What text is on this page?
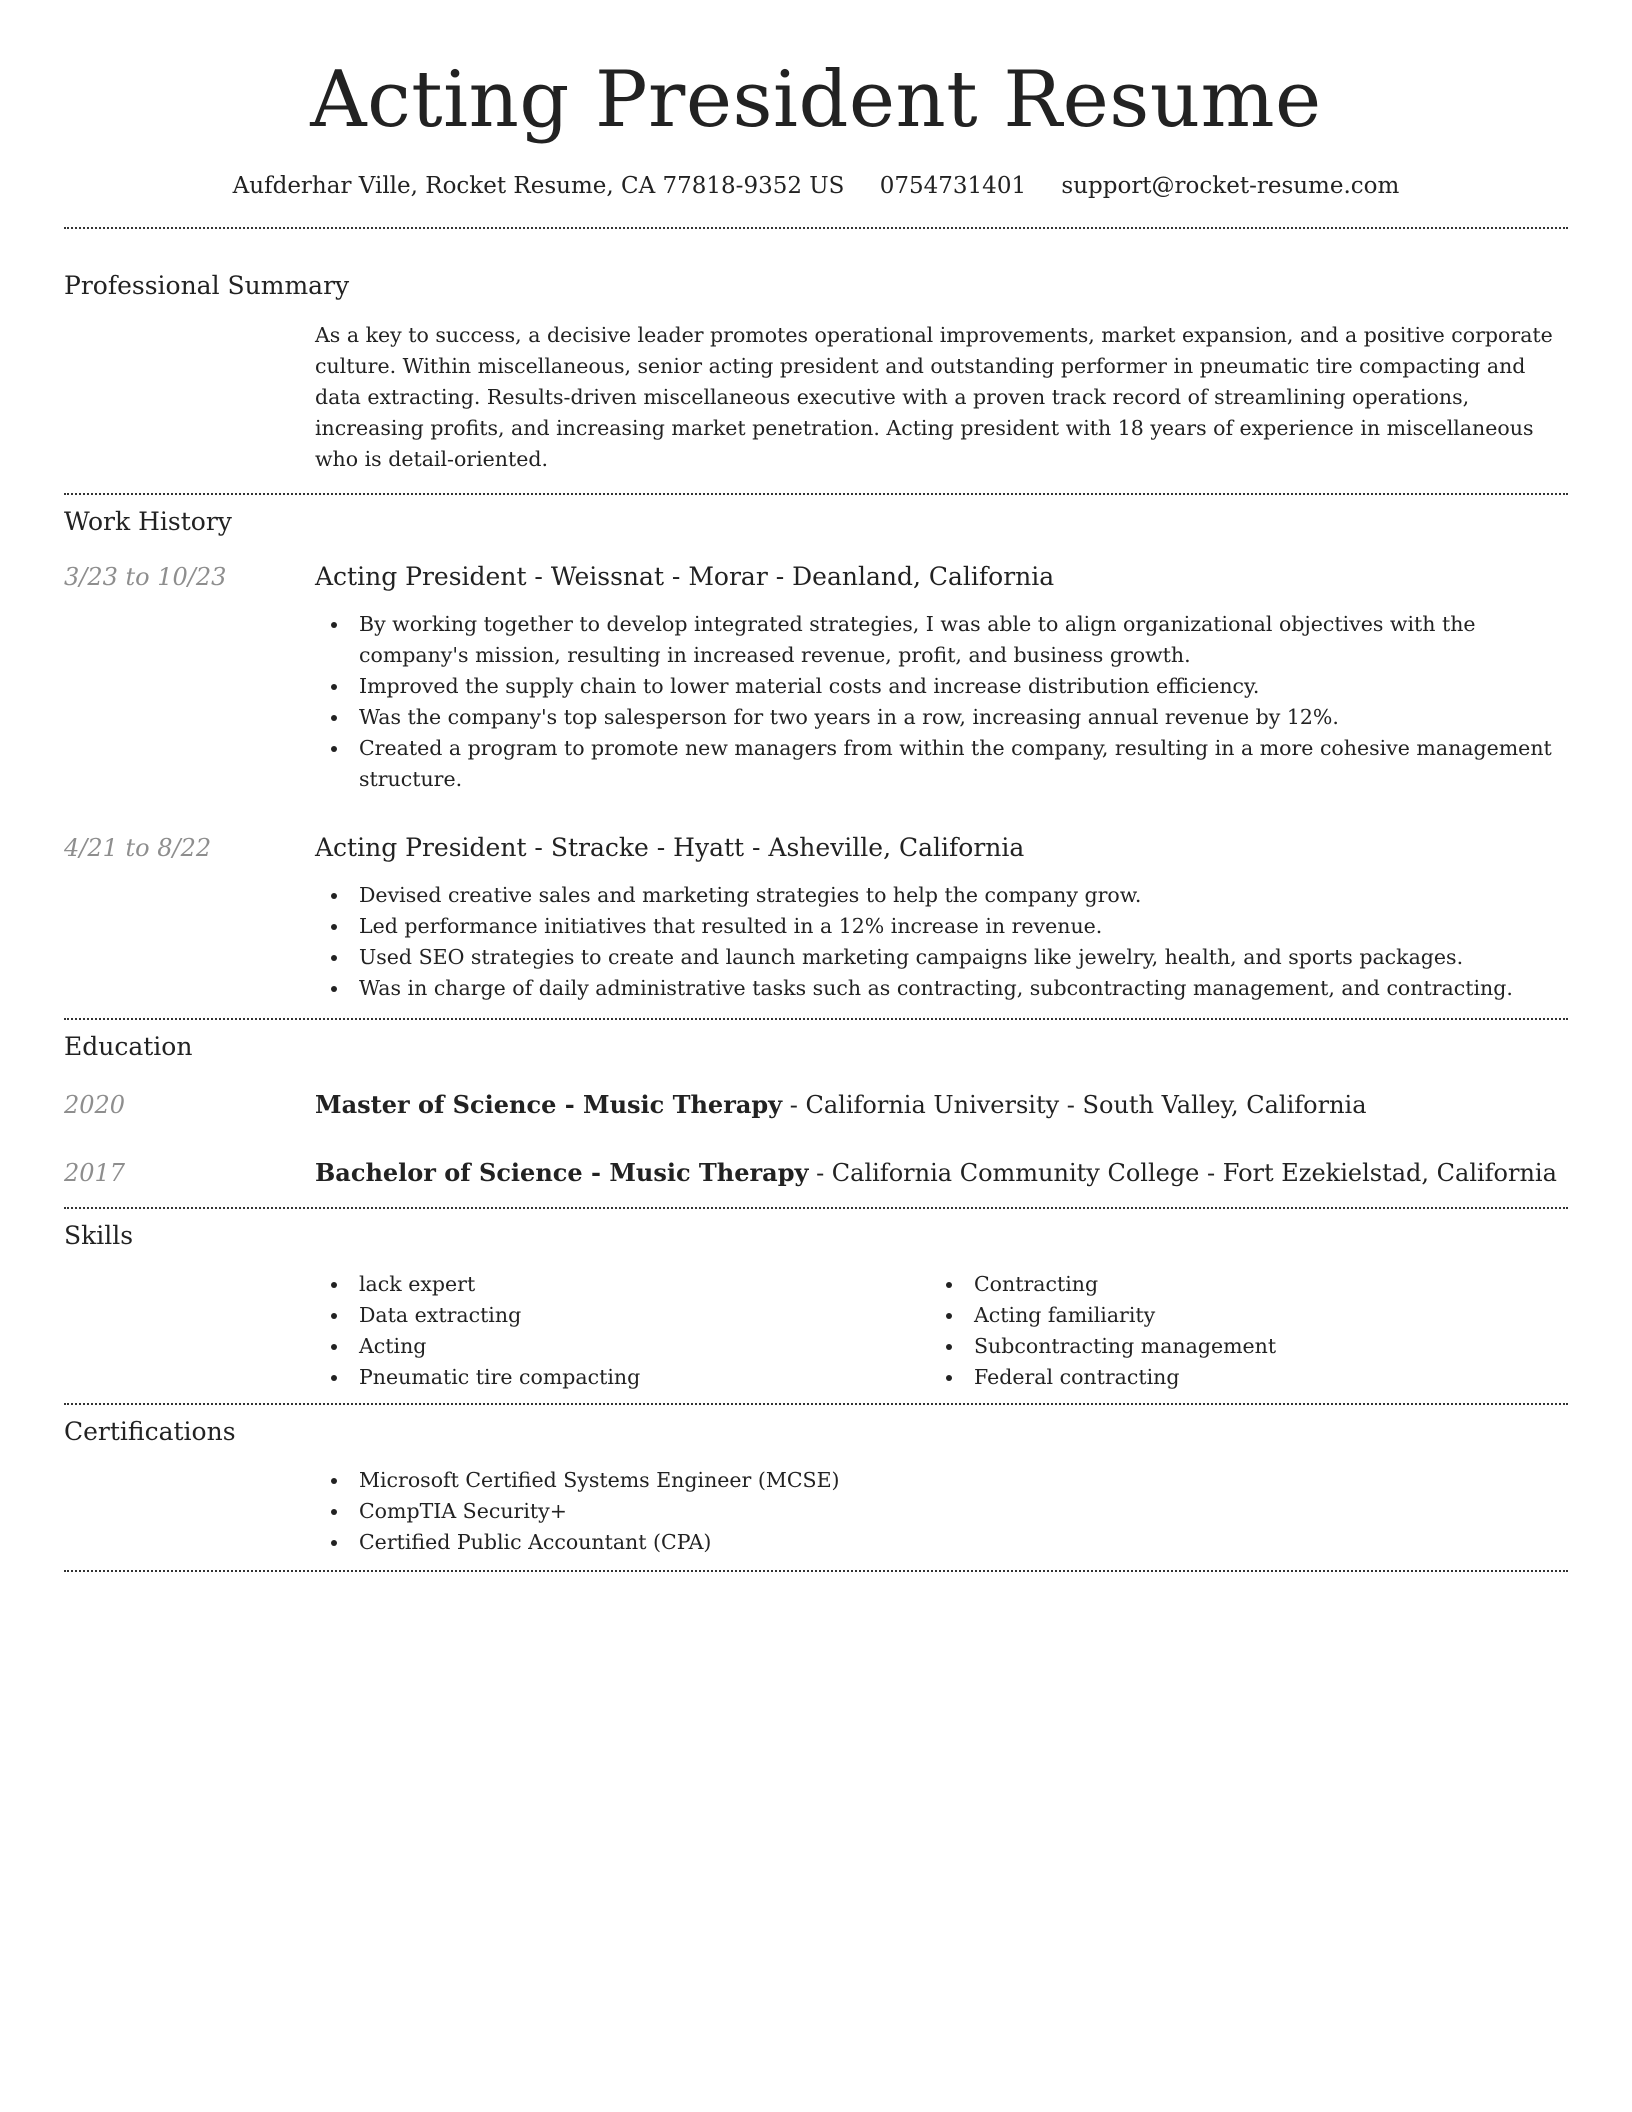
Acting President Resume
Aufderhar Ville, Rocket Resume, CA 77818-9352 US 0754731401 support@rocket-resume.com
Professional Summary

As a key to success, a decisive leader promotes operational improvements, market expansion, and a positive corporate culture. Within miscellaneous, senior acting president and outstanding performer in pneumatic tire compacting and data extracting. Results-driven miscellaneous executive with a proven track record of streamlining operations, increasing profits, and increasing market penetration. Acting president with 18 years of experience in miscellaneous who is detail-oriented.

Work History
3/23 to 10/23	Acting President - Weissnat - Morar - Deanland, California
By working together to develop integrated strategies, I was able to align organizational objectives with the company's mission, resulting in increased revenue, profit, and business growth.
Improved the supply chain to lower material costs and increase distribution efficiency.
Was the company's top salesperson for two years in a row, increasing annual revenue by 12%.
Created a program to promote new managers from within the company, resulting in a more cohesive management structure.
4/21 to 8/22	Acting President - Stracke - Hyatt - Asheville, California
Devised creative sales and marketing strategies to help the company grow.
Led performance initiatives that resulted in a 12% increase in revenue.
Used SEO strategies to create and launch marketing campaigns like jewelry, health, and sports packages.
Was in charge of daily administrative tasks such as contracting, subcontracting management, and contracting.
Education
2020	Master of Science - Music Therapy - California University - South Valley, California
2017	Bachelor of Science - Music Therapy - California Community College - Fort Ezekielstad, California
Skills
lack expert
Data extracting
Acting
Pneumatic tire compacting
Contracting
Acting familiarity
Subcontracting management
Federal contracting
Certifications
Microsoft Certified Systems Engineer (MCSE)
CompTIA Security+
Certified Public Accountant (CPA)
